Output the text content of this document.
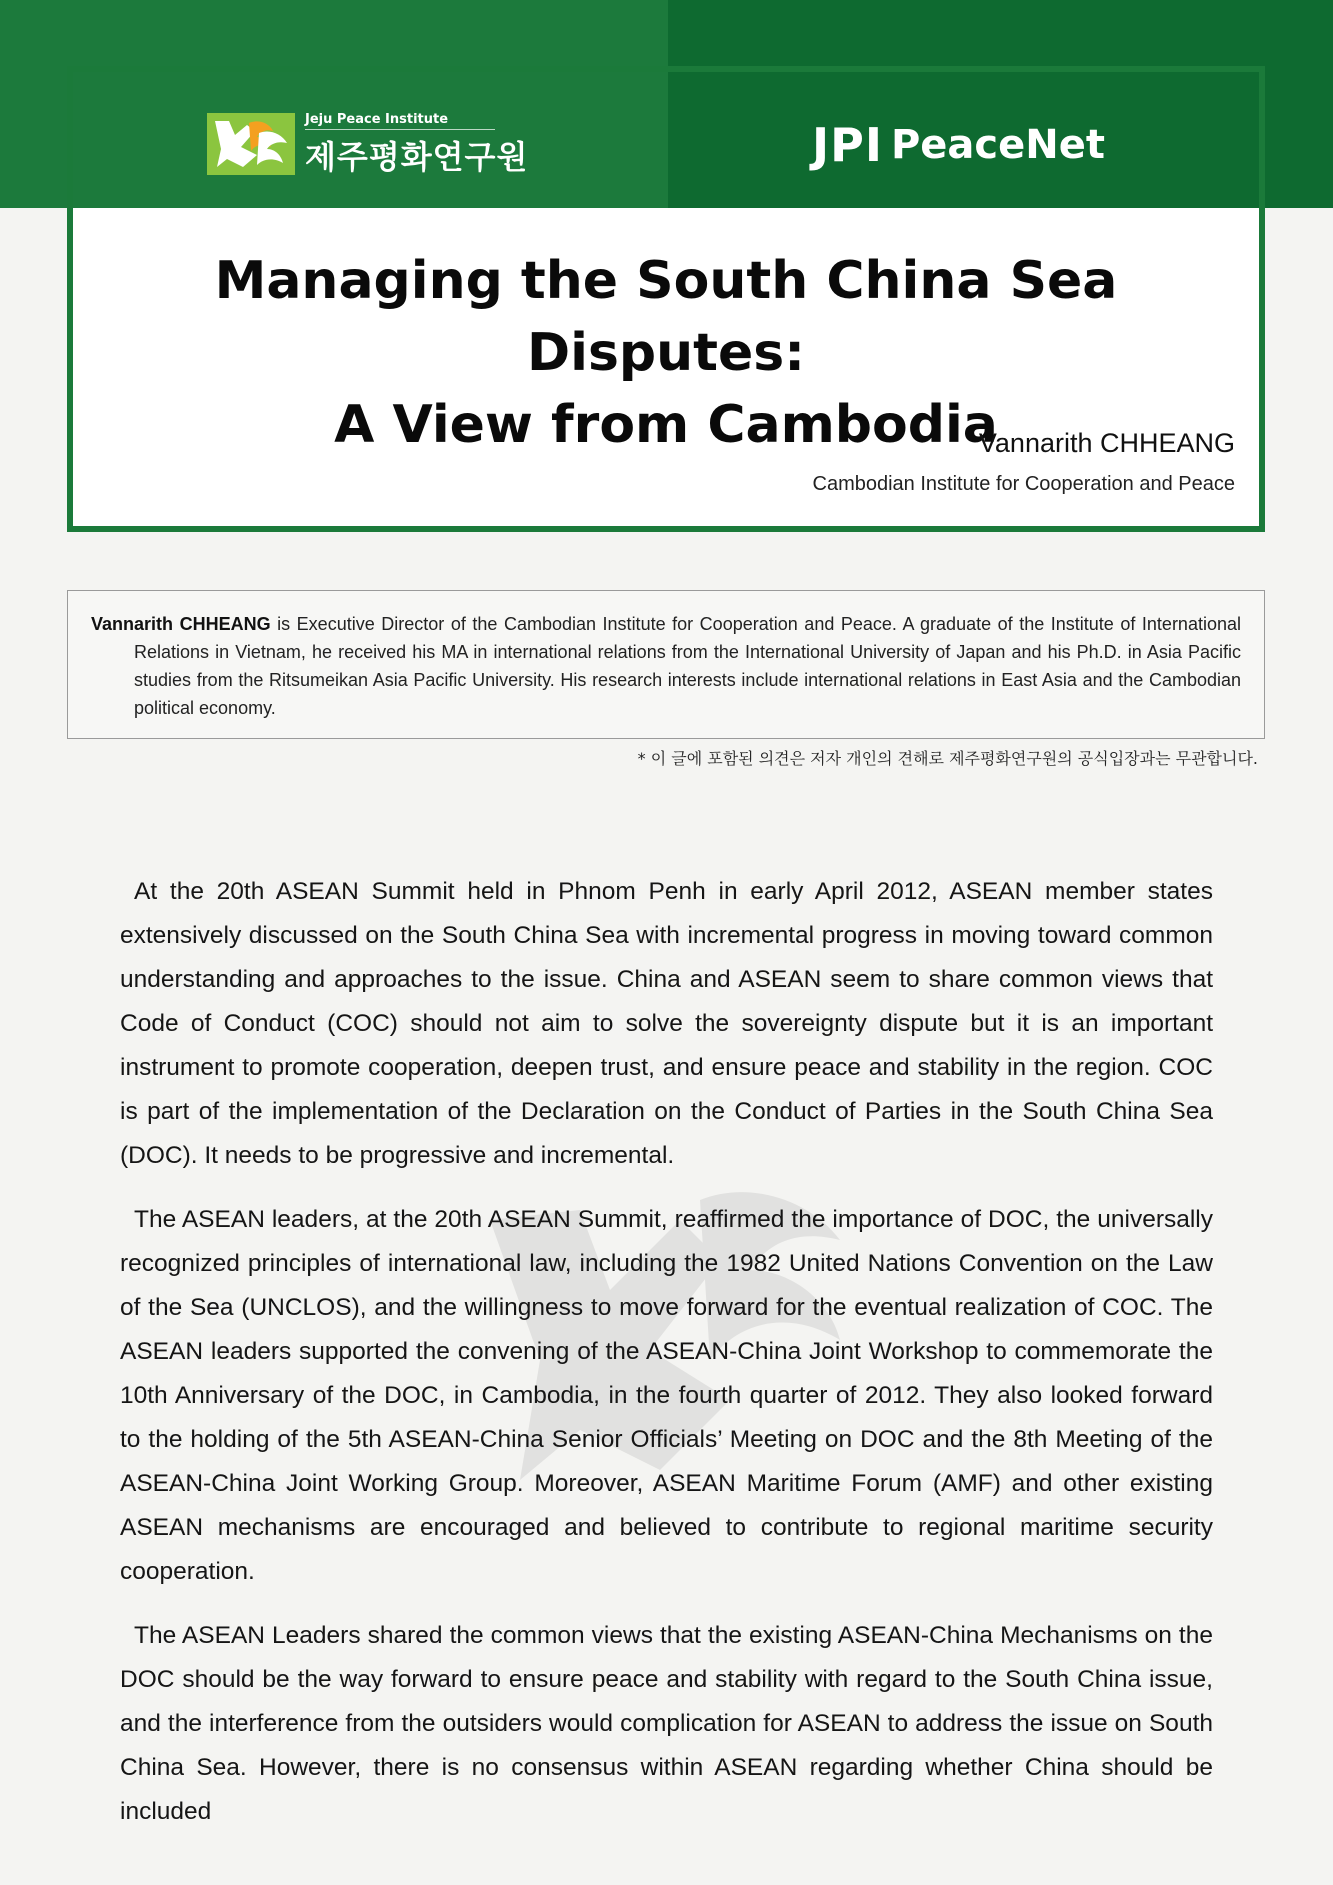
Jeju Peace Institute
제주평화연구원	JPI PeaceNet
Managing the South China Sea Disputes:
A View from Cambodia
Vannarith CHHEANG
Cambodian Institute for Cooperation and Peace
Vannarith CHHEANG is Executive Director of the Cambodian Institute for Cooperation and Peace. A graduate of the Institute of International Relations in Vietnam, he received his MA in international relations from the International University of Japan and his Ph.D. in Asia Pacific studies from the Ritsumeikan Asia Pacific University. His research interests include international relations in East Asia and the Cambodian political economy.
* 이 글에 포함된 의견은 저자 개인의 견해로 제주평화연구원의 공식입장과는 무관합니다.

At the 20th ASEAN Summit held in Phnom Penh in early April 2012, ASEAN member states extensively discussed on the South China Sea with incremental progress in moving toward common understanding and approaches to the issue. China and ASEAN seem to share common views that Code of Conduct (COC) should not aim to solve the sovereignty dispute but it is an important instrument to promote cooperation, deepen trust, and ensure peace and stability in the region. COC is part of the implementation of the Declaration on the Conduct of Parties in the South China Sea (DOC). It needs to be progressive and incremental.

The ASEAN leaders, at the 20th ASEAN Summit, reaffirmed the importance of DOC, the universally recognized principles of international law, including the 1982 United Nations Convention on the Law of the Sea (UNCLOS), and the willingness to move forward for the eventual realization of COC. The ASEAN leaders supported the convening of the ASEAN-China Joint Workshop to commemorate the 10th Anniversary of the DOC, in Cambodia, in the fourth quarter of 2012. They also looked forward to the holding of the 5th ASEAN-China Senior Officials’ Meeting on DOC and the 8th Meeting of the ASEAN-China Joint Working Group. Moreover, ASEAN Maritime Forum (AMF) and other existing ASEAN mechanisms are encouraged and believed to contribute to regional maritime security cooperation.

The ASEAN Leaders shared the common views that the existing ASEAN-China Mechanisms on the DOC should be the way forward to ensure peace and stability with regard to the South China issue, and the interference from the outsiders would complication for ASEAN to address the issue on South China Sea. However, there is no consensus within ASEAN regarding whether China should be included
